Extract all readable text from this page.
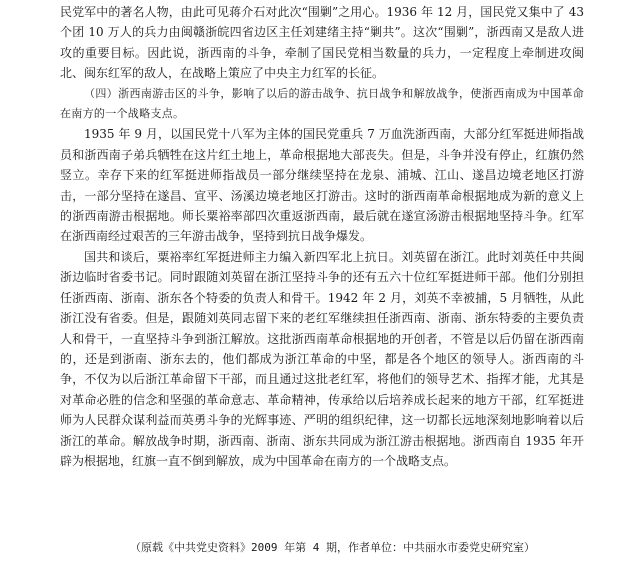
民党军中的著名人物，由此可见蒋介石对此次“围剿”之用心。1936 年 12 月，国民党又集中了 43 个团 10 万人的兵力由闽赣浙皖四省边区主任刘建绪主持“剿共”。这次“围剿”，浙西南又是敌人进攻的重要目标。因此说，浙西南的斗争，牵制了国民党相当数量的兵力，一定程度上牵制进攻闽北、闽东红军的敌人，在战略上策应了中央主力红军的长征。

（四）浙西南游击区的斗争，影响了以后的游击战争、抗日战争和解放战争，使浙西南成为中国革命在南方的一个战略支点。

1935 年 9 月，以国民党十八军为主体的国民党重兵 7 万血洗浙西南，大部分红军挺进师指战员和浙西南子弟兵牺牲在这片红土地上，革命根据地大部丧失。但是，斗争并没有停止，红旗仍然竖立。幸存下来的红军挺进师指战员一部分继续坚持在龙泉、浦城、江山、遂昌边境老地区打游击，一部分坚持在遂昌、宣平、汤溪边境老地区打游击。这时的浙西南革命根据地成为新的意义上的浙西南游击根据地。师长粟裕率部四次重返浙西南，最后就在遂宣汤游击根据地坚持斗争。红军在浙西南经过艰苦的三年游击战争，坚持到抗日战争爆发。

国共和谈后，粟裕率红军挺进师主力编入新四军北上抗日。刘英留在浙江。此时刘英任中共闽浙边临时省委书记。同时跟随刘英留在浙江坚持斗争的还有五六十位红军挺进师干部。他们分别担任浙西南、浙南、浙东各个特委的负责人和骨干。1942 年 2 月，刘英不幸被捕，5 月牺牲，从此浙江没有省委。但是，跟随刘英同志留下来的老红军继续担任浙西南、浙南、浙东特委的主要负责人和骨干，一直坚持斗争到浙江解放。这批浙西南革命根据地的开创者，不管是以后仍留在浙西南的，还是到浙南、浙东去的，他们都成为浙江革命的中坚，都是各个地区的领导人。浙西南的斗争，不仅为以后浙江革命留下干部，而且通过这批老红军，将他们的领导艺术、指挥才能，尤其是对革命必胜的信念和坚强的革命意志、革命精神，传承给以后培养成长起来的地方干部，红军挺进师为人民群众谋利益而英勇斗争的光辉事迹、严明的组织纪律，这一切都长远地深刻地影响着以后浙江的革命。解放战争时期，浙西南、浙南、浙东共同成为浙江游击根据地。浙西南自 1935 年开辟为根据地，红旗一直不倒到解放，成为中国革命在南方的一个战略支点。

（原载《中共党史资料》2009 年第 4 期，作者单位：中共丽水市委党史研究室）
